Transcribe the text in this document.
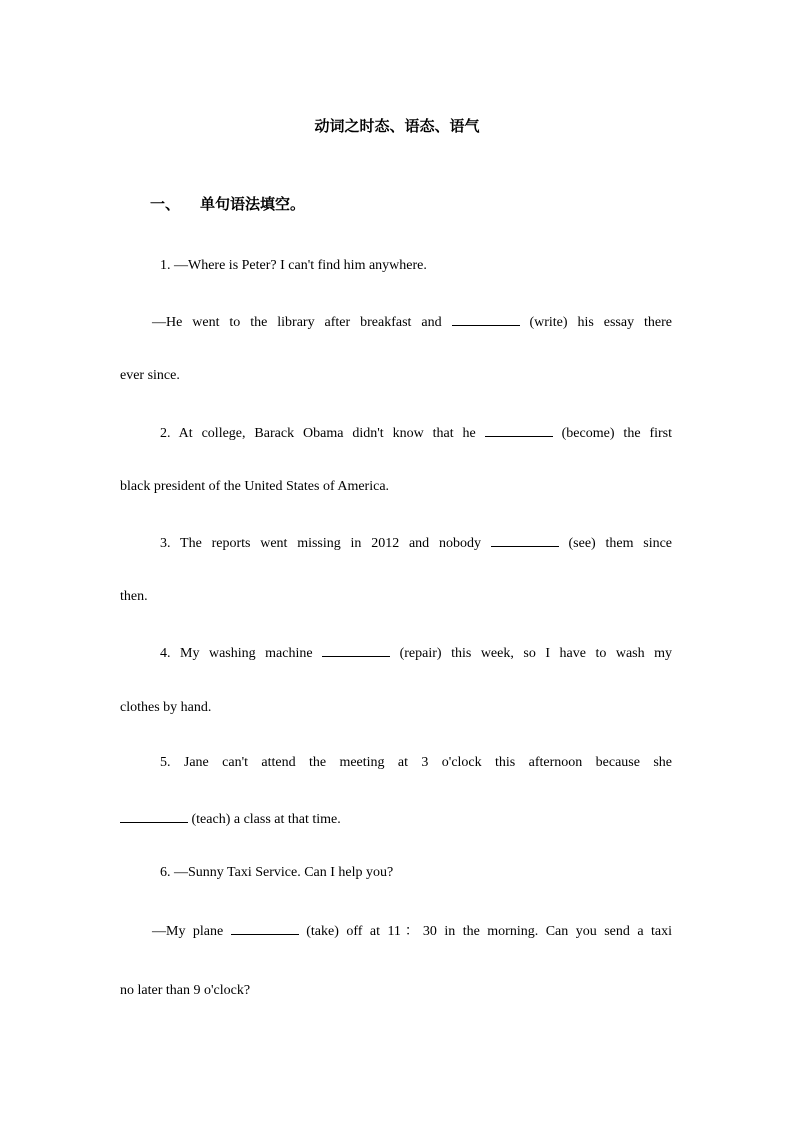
动词之时态、语态、语气
一、 单句语法填空。
1. —Where is Peter? I can't find him anywhere.
—He went to the library after breakfast and	(write) his essay there
ever since.
2. At college, Barack Obama didn't know that he	(become) the first
black president of the United States of America.
3. The reports went missing in 2012 and nobody	(see) them since
then.
4. My washing machine	(repair) this week, so I have to wash my
clothes by hand.
5. Jane can't attend the meeting at 3 o'clock this afternoon because she
(teach) a class at that time.
6. —Sunny Taxi Service. Can I help you?
—My plane	(take) off at 11：30 in the morning. Can you send a taxi
no later than 9 o'clock?
